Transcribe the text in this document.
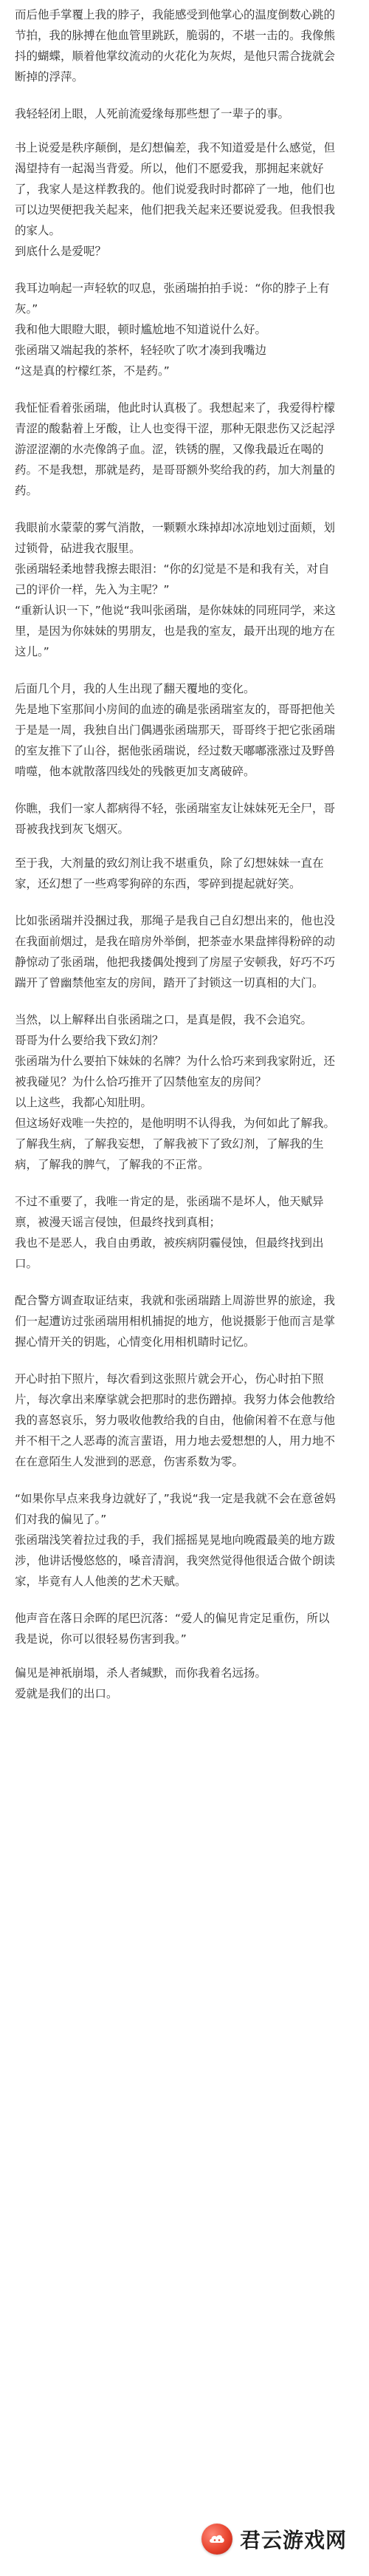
而后他手掌覆上我的脖子，我能感受到他掌心的温度倒数心跳的节拍，我的脉搏在他血管里跳跃，脆弱的，不堪一击的。我像熊抖的蝴蝶，顺着他掌纹流动的火花化为灰烬，是他只需合拢就会断掉的浮萍。

我轻轻闭上眼，人死前流爱缘每那些想了一辈子的事。

书上说爱是秩序颠倒，是幻想偏差，我不知道爱是什么感觉，但渴望持有一起渴当背爱。所以，他们不愿爱我，那拥起来就好了，我家人是这样教我的。他们说爱我时时都碎了一地，他们也可以边哭便把我关起来，他们把我关起来还要说爱我。但我恨我的家人。
到底什么是爱呢？

我耳边响起一声轻软的叹息，张函瑞拍拍手说：“你的脖子上有灰。”
我和他大眼瞪大眼，顿时尴尬地不知道说什么好。
张函瑞又端起我的茶杯，轻轻吹了吹才凑到我嘴边
“这是真的柠檬红茶，不是药。”

我怔怔看着张函瑞，他此时认真极了。我想起来了，我爱得柠檬青涩的酸黏着上牙酸，让人也变得干涩，那种无限悲伤又泛起浮游涩涩潮的水壳像鸽子血。涩，铁锈的腥，又像我最近在喝的药。不是我想，那就是药，是哥哥额外奖给我的药，加大剂量的药。

我眼前水蒙蒙的雾气消散，一颗颗水珠掉却冰凉地划过面颊，划过锁骨，砧进我衣服里。
张函瑞轻柔地替我擦去眼泪：“你的幻觉是不是和我有关，对自己的评价一样，先入为主呢？”
“重新认识一下，”他说“我叫张函瑞，是你妹妹的同班同学，来这里，是因为你妹妹的男朋友，也是我的室友，最开出现的地方在这儿。”

后面几个月，我的人生出现了翻天覆地的变化。
先是地下室那间小房间的血迹的确是张函瑞室友的，哥哥把他关于是是一周，我独自出门偶遇张函瑞那天，哥哥终于把它张函瑞的室友推下了山谷，据他张函瑞说，经过数天嘟嘟涨涨过及野兽啃噬，他本就散落四线处的残骸更加支离破碎。

你瞧，我们一家人都病得不轻，张函瑞室友让妹妹死无全尸，哥哥被我找到灰飞烟灭。

至于我，大剂量的致幻剂让我不堪重负，除了幻想妹妹一直在家，还幻想了一些鸡零狗碎的东西，零碎到提起就好笑。

比如张函瑞并没捆过我，那绳子是我自己自幻想出来的，他也没在我面前烟过，是我在暗房外举倒，把茶壶水果盘摔得粉碎的动静惊动了张函瑞，他把我搂偶处搜到了房屋子安顿我，好巧不巧踹开了曾幽禁他室友的房间，踏开了封锁这一切真相的大门。

当然，以上解释出自张函瑞之口，是真是假，我不会追究。
哥哥为什么要给我下致幻剂？
张函瑞为什么要拍下妹妹的名牌？为什么恰巧来到我家附近，还被我碰见？为什么恰巧推开了囚禁他室友的房间？
以上这些，我都心知肚明。
但这场好戏唯一失控的，是他明明不认得我，为何如此了解我。了解我生病，了解我妄想，了解我被下了致幻剂，了解我的生病，了解我的脾气，了解我的不正常。

不过不重要了，我唯一肯定的是，张函瑞不是坏人，他天赋异禀，被漫天谣言侵蚀，但最终找到真相；
我也不是恶人，我自由勇敢，被疾病阴霾侵蚀，但最终找到出口。

配合警方调查取证结束，我就和张函瑞踏上周游世界的旅途，我们一起遭访过张函瑞用相机捕捉的地方，他说摄影于他而言是掌握心情开关的钥匙，心情变化用相机睛时记忆。

开心时拍下照片，每次看到这张照片就会开心，伤心时拍下照片，每次拿出来摩挲就会把那时的悲伤蹭掉。我努力体会他教给我的喜怒哀乐，努力吸收他教给我的自由，他偷闲着不在意与他并不相干之人恶毒的流言蜚语，用力地去爱想想的人，用力地不在在意陌生人发泄到的恶意，伤害系数为零。

“如果你早点来我身边就好了，”我说“我一定是我就不会在意爸妈们对我的偏见了。”
张函瑞浅笑着拉过我的手，我们摇摇晃晃地向晚霞最美的地方跋涉，他讲话慢悠悠的，嗓音清润，我突然觉得他很适合做个朗读家，毕竟有人人他羡的艺术天赋。

他声音在落日余晖的尾巴沉落：“爱人的偏见肯定足重伤，所以我是说，你可以很轻易伤害到我。”

偏见是神祇崩塌，杀人者缄默，而你我着名远扬。
爱就是我们的出口。

君云游戏网
